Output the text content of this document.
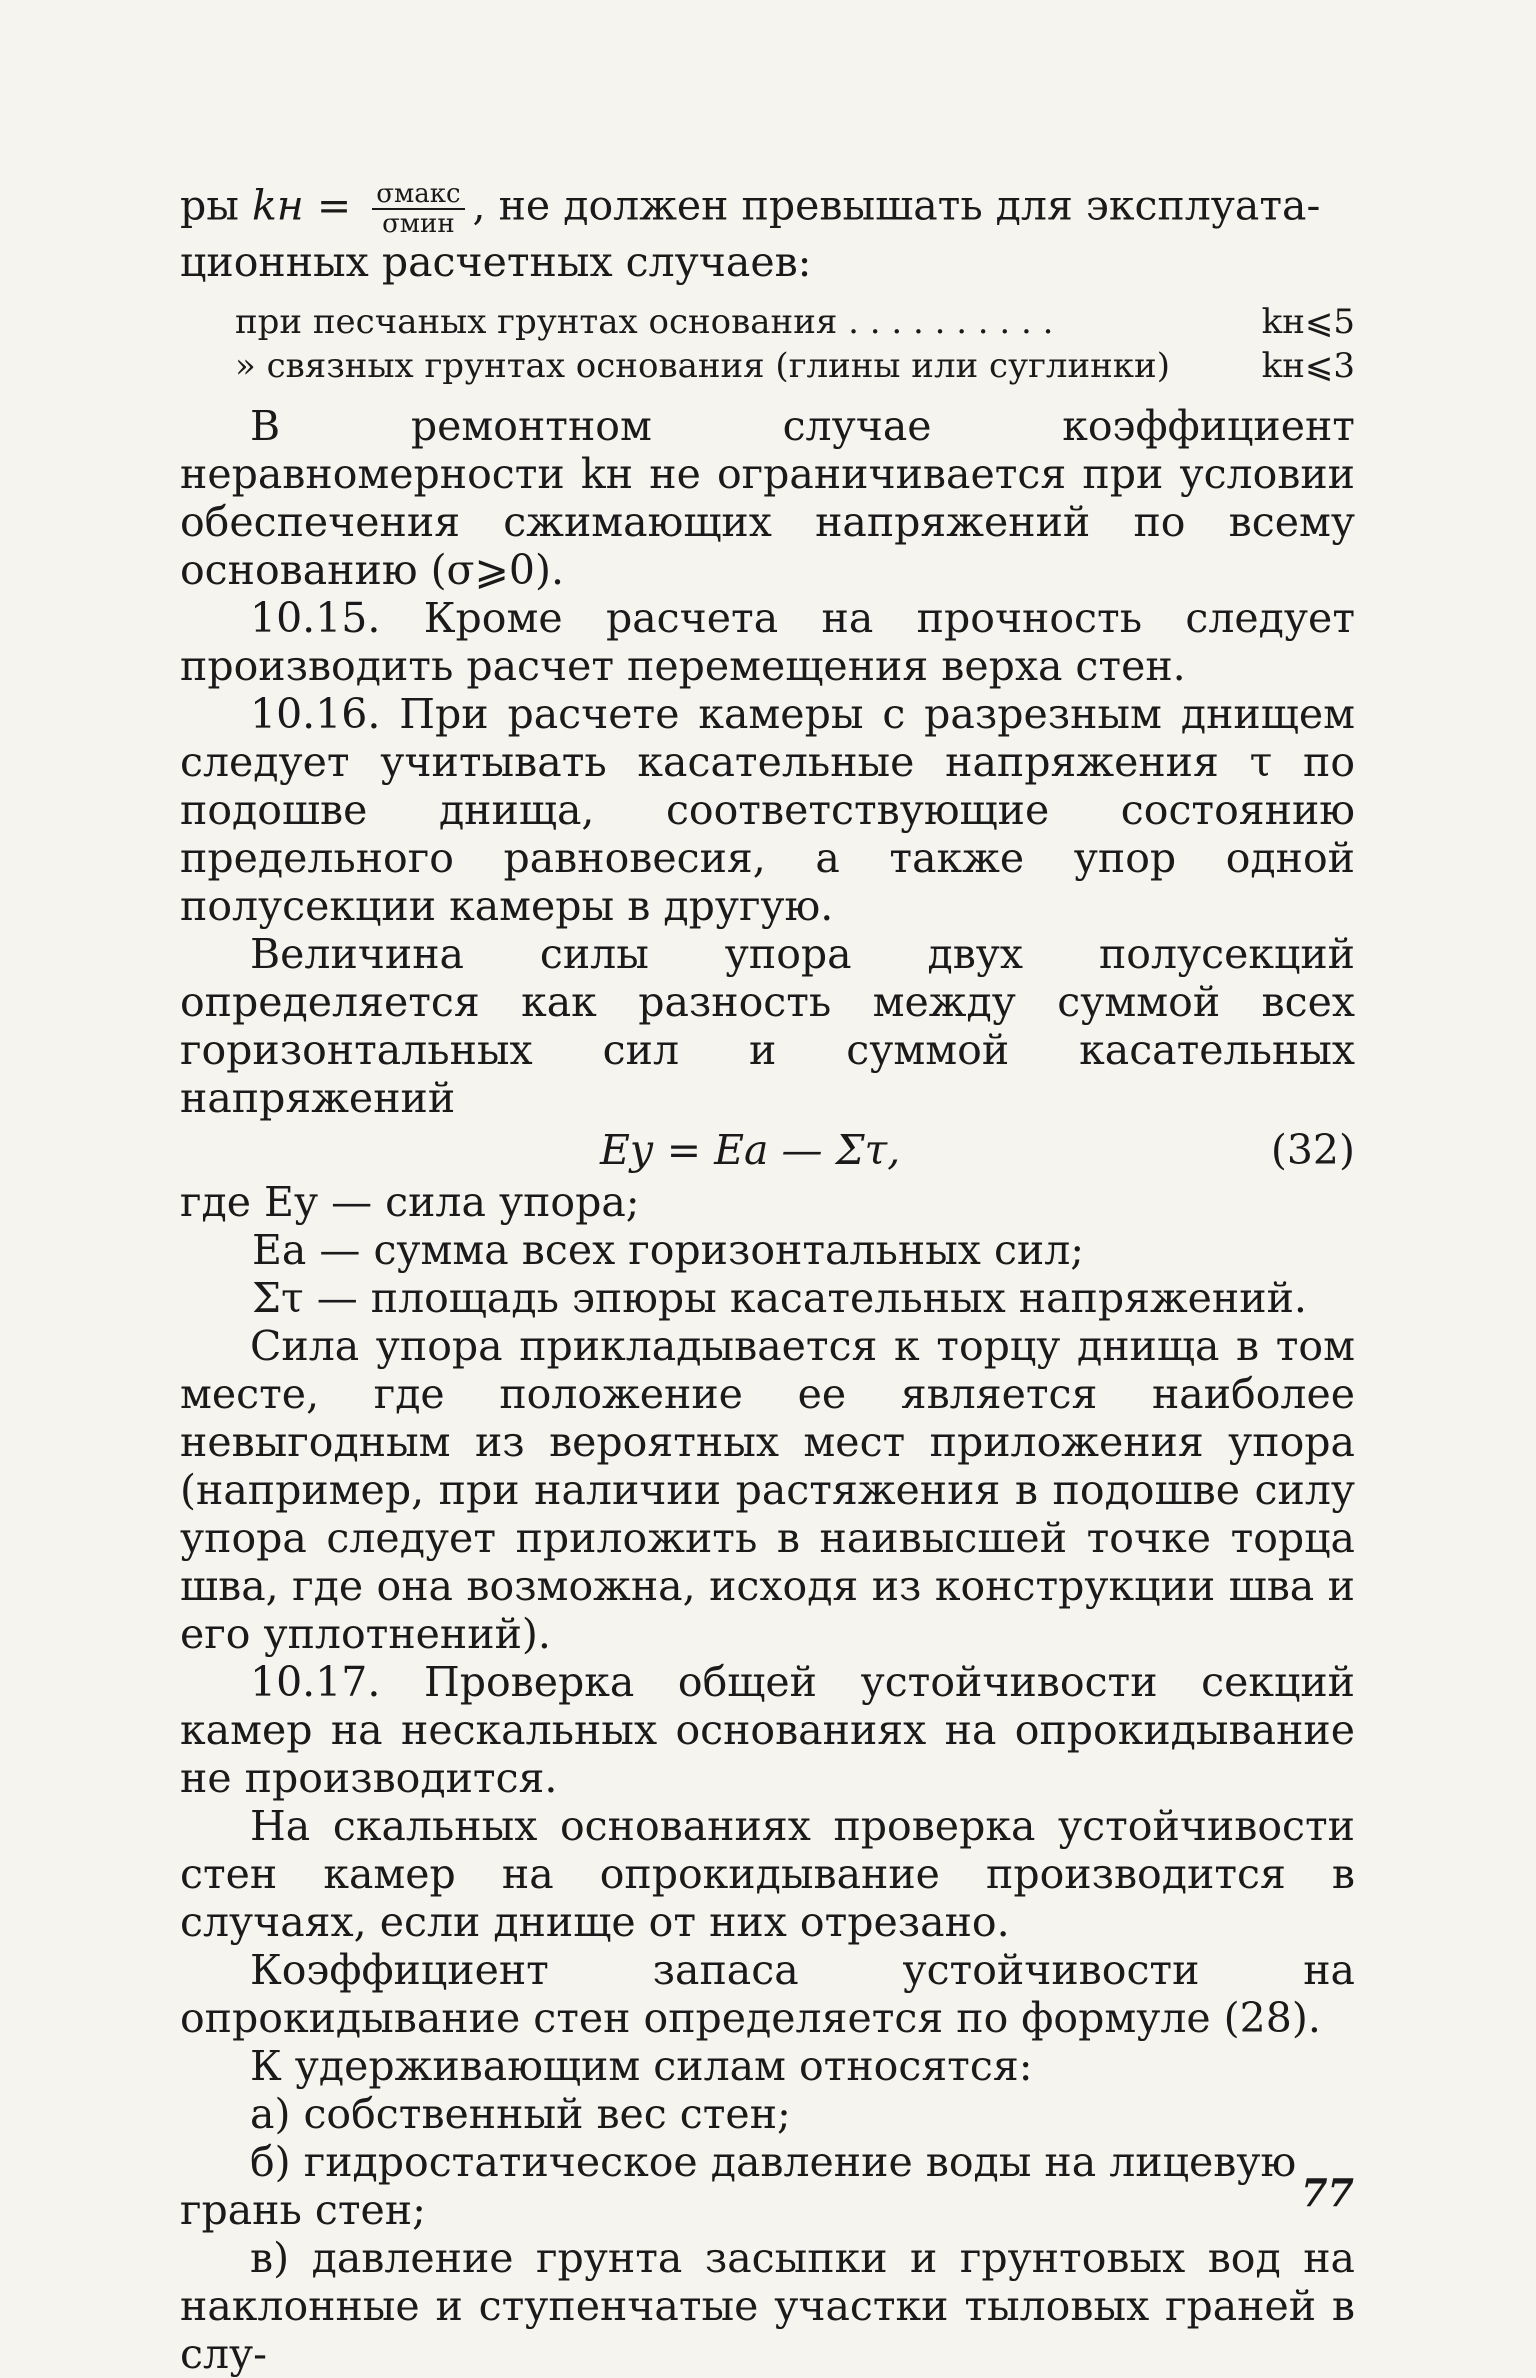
ры kн = $\frac{\text{σмакс}}{\text{σмин}}$ , не должен превышать для эксплуата-

ционных расчетных случаев:

при песчаных грунтах основания . . . . . . . . . .	kн⩽5
» связных грунтах основания (глины или суглинки)	kн⩽3

В ремонтном случае коэффициент неравномерности kн не ограничивается при условии обеспечения сжимающих напряжений по всему основанию (σ⩾0).

10.15. Кроме расчета на прочность следует производить расчет перемещения верха стен.

10.16. При расчете камеры с разрезным днищем следует учитывать касательные напряжения τ по подошве днища, соответствующие состоянию предельного равновесия, а также упор одной полусекции камеры в другую.

Величина силы упора двух полусекций определяется как разность между суммой всех горизонтальных сил и суммой касательных напряжений

Eу = Eа — Στ,	(32)

где Eу — сила упора;

Eа — сумма всех горизонтальных сил;

Στ — площадь эпюры касательных напряжений.

Сила упора прикладывается к торцу днища в том месте, где положение ее является наиболее невыгодным из вероятных мест приложения упора (например, при наличии растяжения в подошве силу упора следует приложить в наивысшей точке торца шва, где она возможна, исходя из конструкции шва и его уплотнений).

10.17. Проверка общей устойчивости секций камер на нескальных основаниях на опрокидывание не производится.

На скальных основаниях проверка устойчивости стен камер на опрокидывание производится в случаях, если днище от них отрезано.

Коэффициент запаса устойчивости на опрокидывание стен определяется по формуле (28).

К удерживающим силам относятся:

а) собственный вес стен;

б) гидростатическое давление воды на лицевую грань стен;

в) давление грунта засыпки и грунтовых вод на наклонные и ступенчатые участки тыловых граней в слу-

77
